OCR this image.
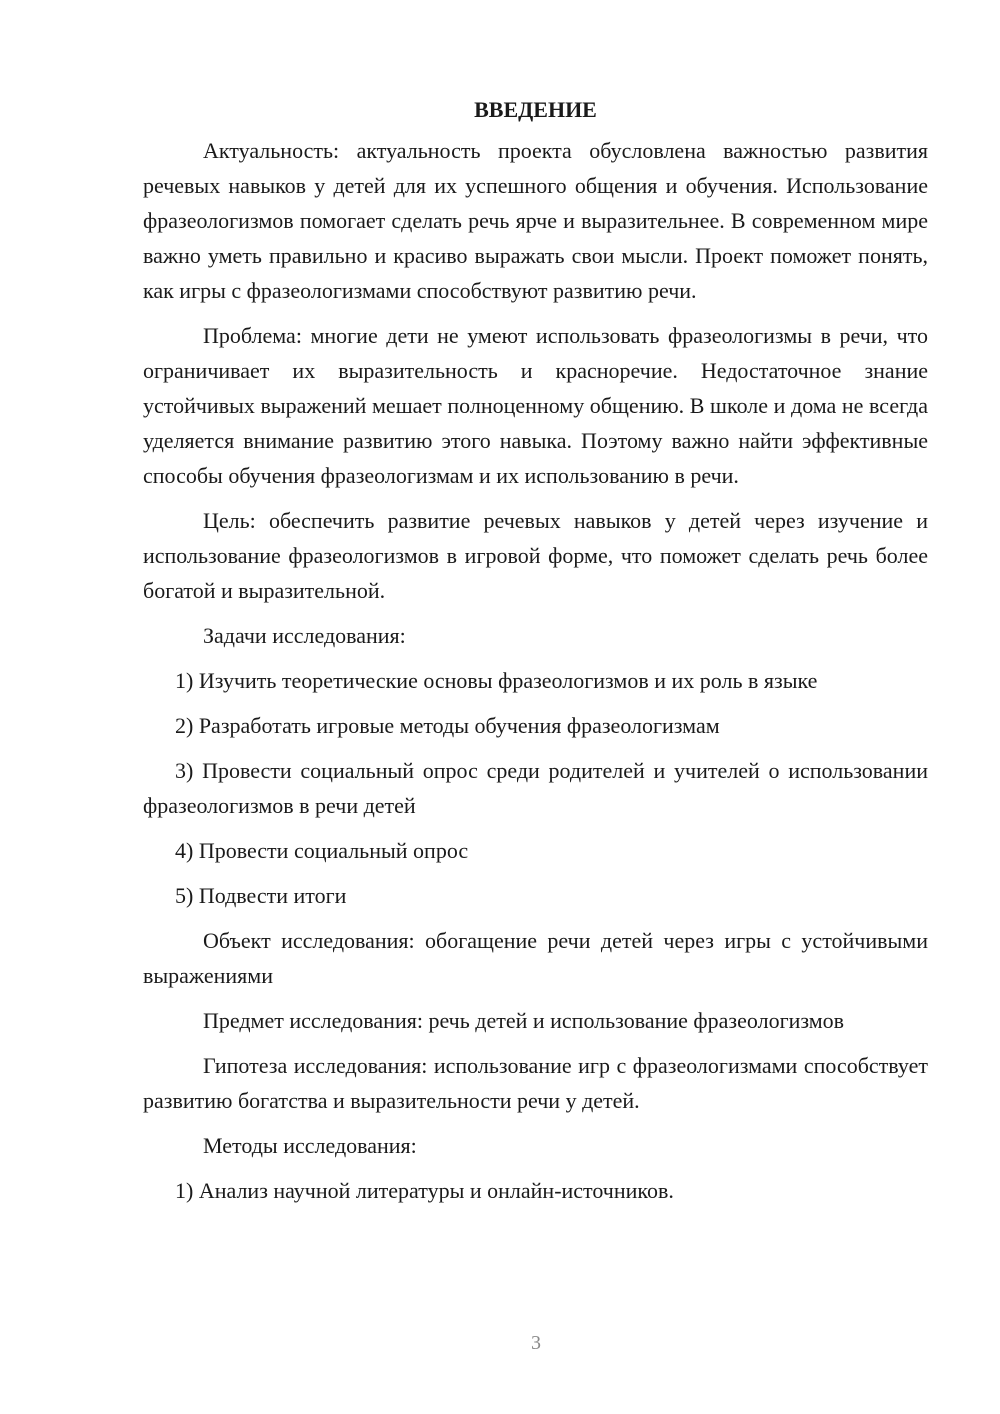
ВВЕДЕНИЕ

Актуальность: актуальность проекта обусловлена важностью развития речевых навыков у детей для их успешного общения и обучения. Использование фразеологизмов помогает сделать речь ярче и выразительнее. В современном мире важно уметь правильно и красиво выражать свои мысли. Проект поможет понять, как игры с фразеологизмами способствуют развитию речи.

Проблема: многие дети не умеют использовать фразеологизмы в речи, что ограничивает их выразительность и красноречие. Недостаточное знание устойчивых выражений мешает полноценному общению. В школе и дома не всегда уделяется внимание развитию этого навыка. Поэтому важно найти эффективные способы обучения фразеологизмам и их использованию в речи.

Цель: обеспечить развитие речевых навыков у детей через изучение и использование фразеологизмов в игровой форме, что поможет сделать речь более богатой и выразительной.

Задачи исследования:

1) Изучить теоретические основы фразеологизмов и их роль в языке

2) Разработать игровые методы обучения фразеологизмам

3) Провести социальный опрос среди родителей и учителей о использовании фразеологизмов в речи детей

4) Провести социальный опрос

5) Подвести итоги

Объект исследования: обогащение речи детей через игры с устойчивыми выражениями

Предмет исследования: речь детей и использование фразеологизмов

Гипотеза исследования: использование игр с фразеологизмами способствует развитию богатства и выразительности речи у детей.

Методы исследования:

1) Анализ научной литературы и онлайн-источников.

3
